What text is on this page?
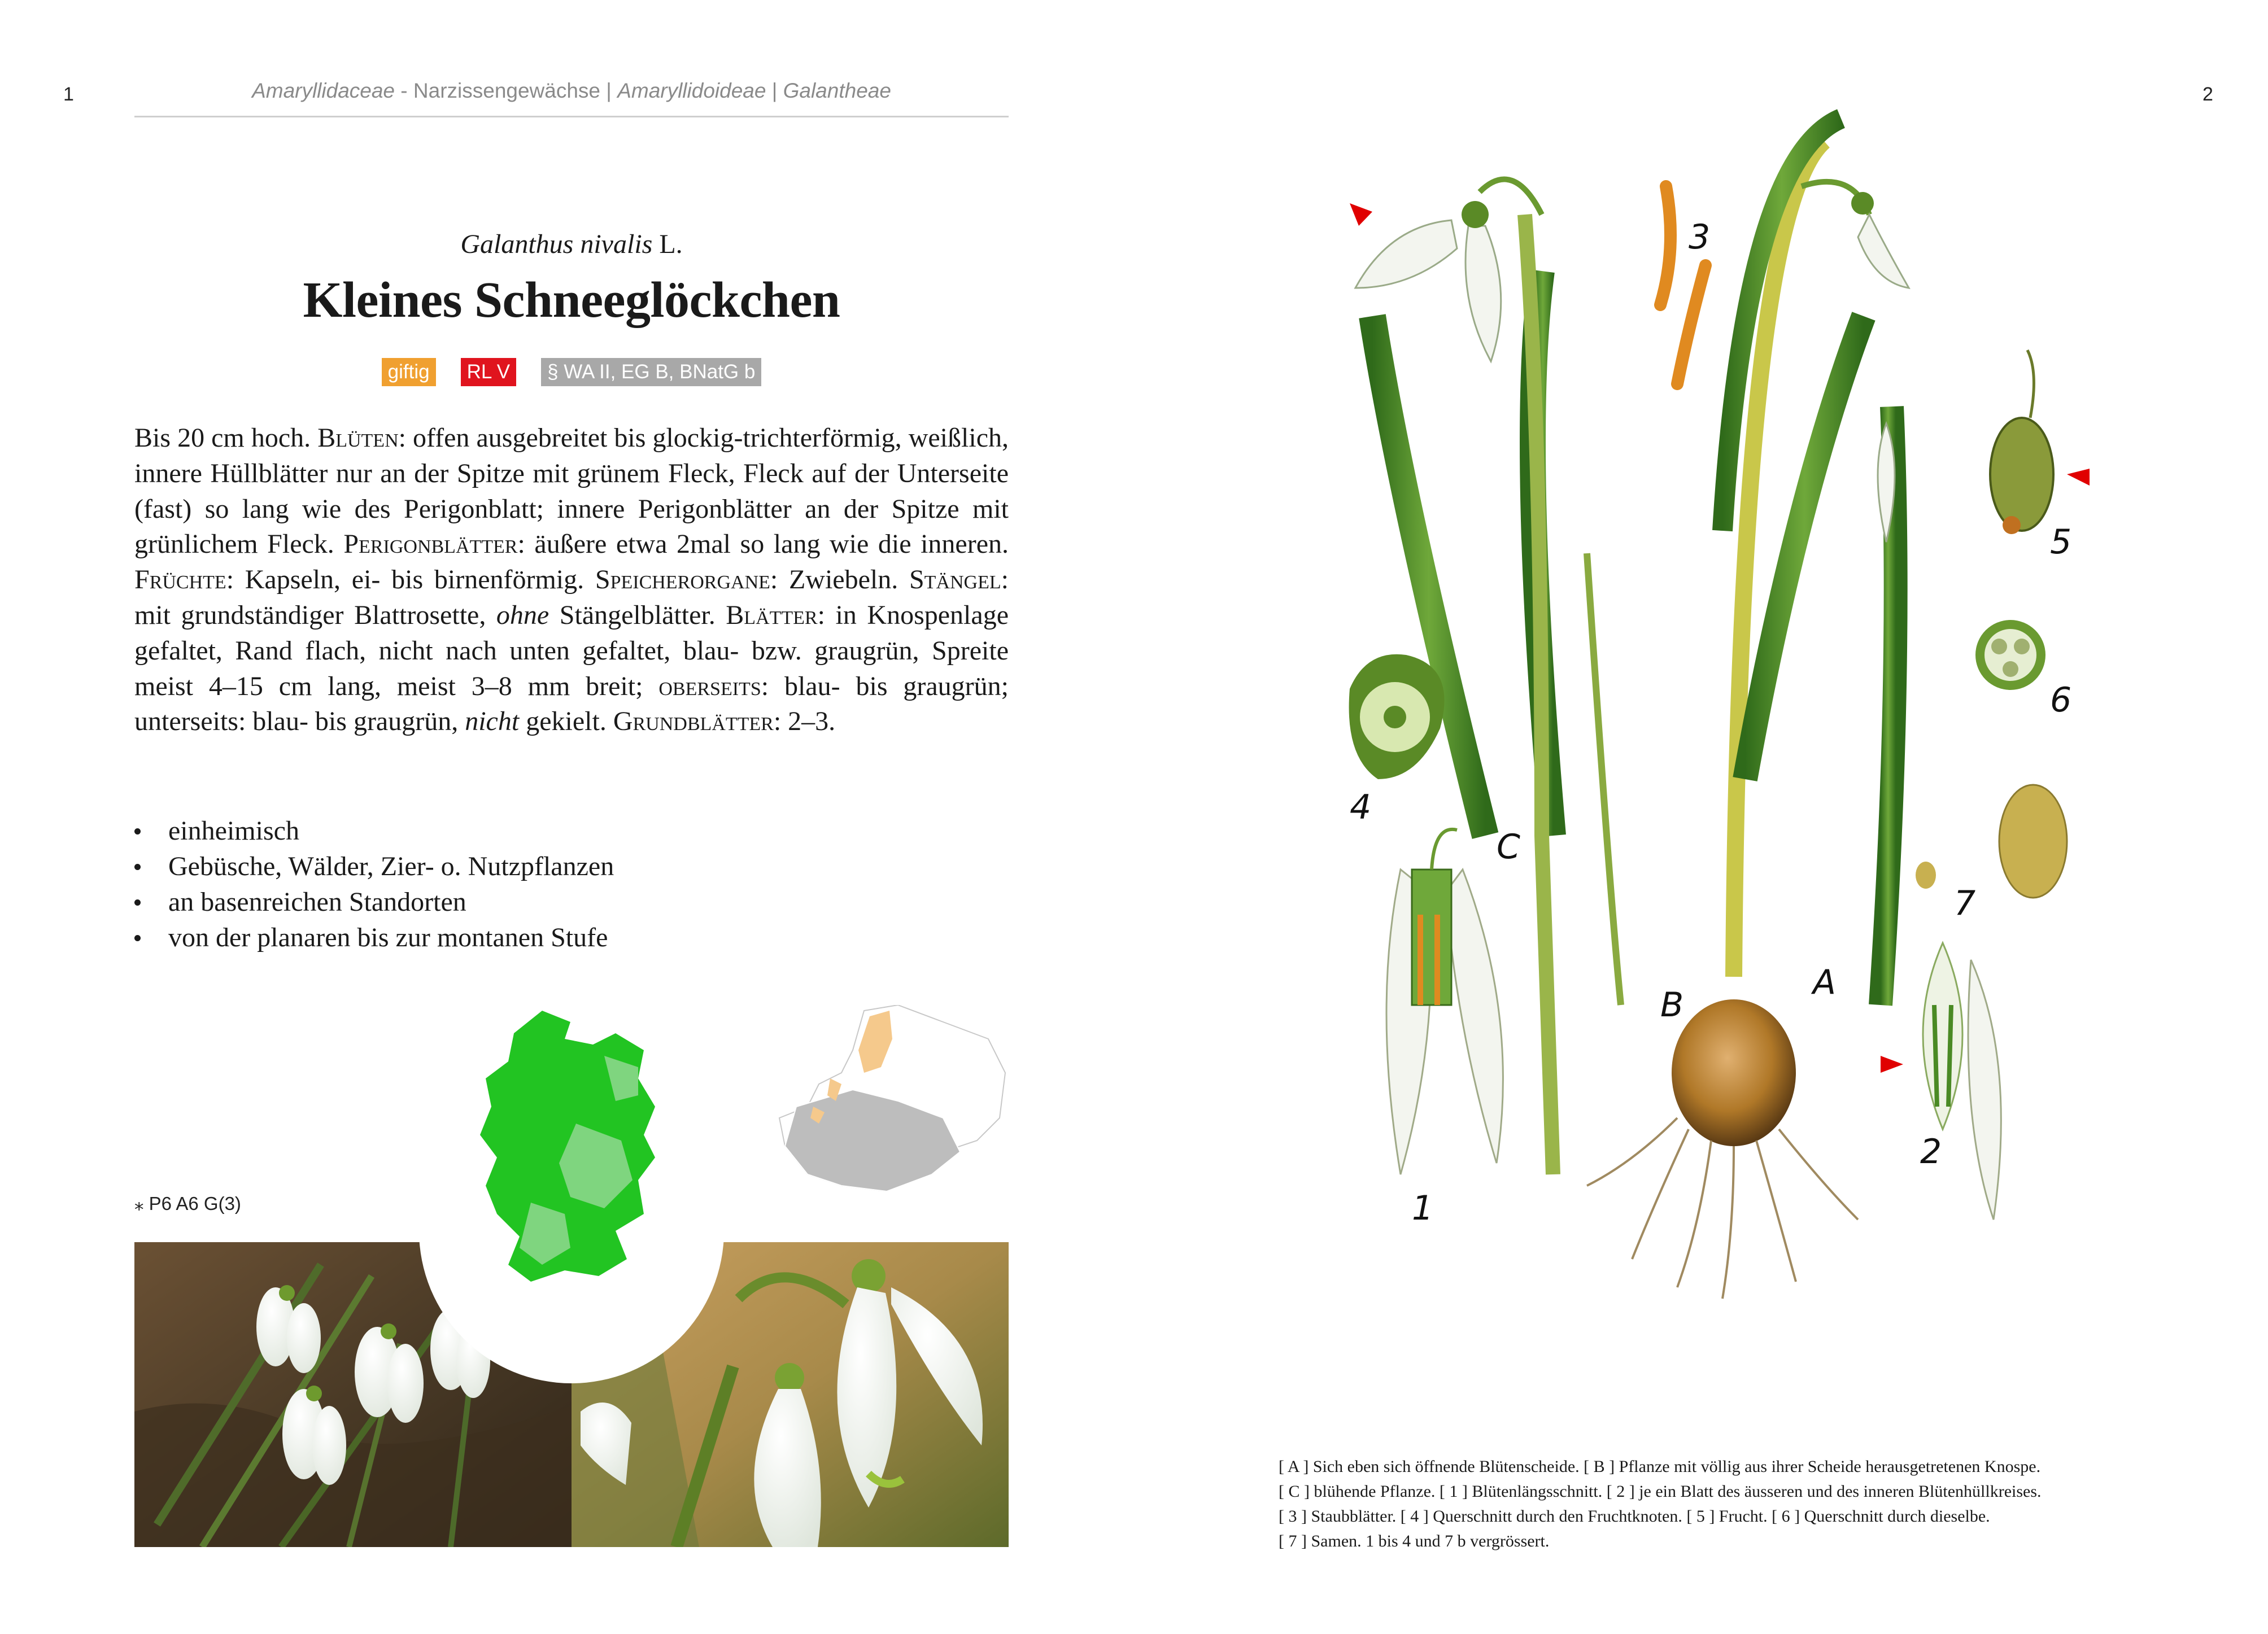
1	2
Amaryllidaceae - Narzissengewächse | Amaryllidoideae | Galantheae
Galanthus nivalis L.
Kleines Schneeglöckchen
giftig	RL V	§ WA II, EG B, BNatG b
Bis 20 cm hoch. Blüten: offen ausgebreitet bis glockig-trichterförmig, weißlich, innere Hüllblätter nur an der Spitze mit grünem Fleck, Fleck auf der Unterseite (fast) so lang wie des Perigonblatt; innere Perigonblätter an der Spitze mit grünlichem Fleck. Perigonblätter: äußere etwa 2mal so lang wie die inneren. Früchte: Kapseln, ei- bis birnenförmig. Speicherorgane: Zwiebeln. Stängel: mit grundständiger Blattrosette, ohne Stängelblätter. Blätter: in Knospenlage gefaltet, Rand flach, nicht nach unten gefaltet, blau- bzw. graugrün, Spreite meist 4–15 cm lang, meist 3–8 mm breit; oberseits: blau- bis graugrün; unterseits: blau- bis graugrün, nicht gekielt. Grundblätter: 2–3.
einheimisch
Gebüsche, Wälder, Zier- o. Nutzpflanzen
an basenreichen Standorten
von der planaren bis zur montanen Stufe
⁎ P6 A6 G(3)
3
5
6
4
C
7
A
B
2
1
[ A ] Sich eben sich öffnende Blütenscheide. [ B ] Pflanze mit völlig aus ihrer Scheide herausgetretenen Knospe.
[ C ] blühende Pflanze. [ 1 ] Blütenlängsschnitt. [ 2 ] je ein Blatt des äusseren und des inneren Blütenhüllkreises.
[ 3 ] Staubblätter. [ 4 ] Querschnitt durch den Fruchtknoten. [ 5 ] Frucht. [ 6 ] Querschnitt durch dieselbe.
[ 7 ] Samen. 1 bis 4 und 7 b vergrössert.
